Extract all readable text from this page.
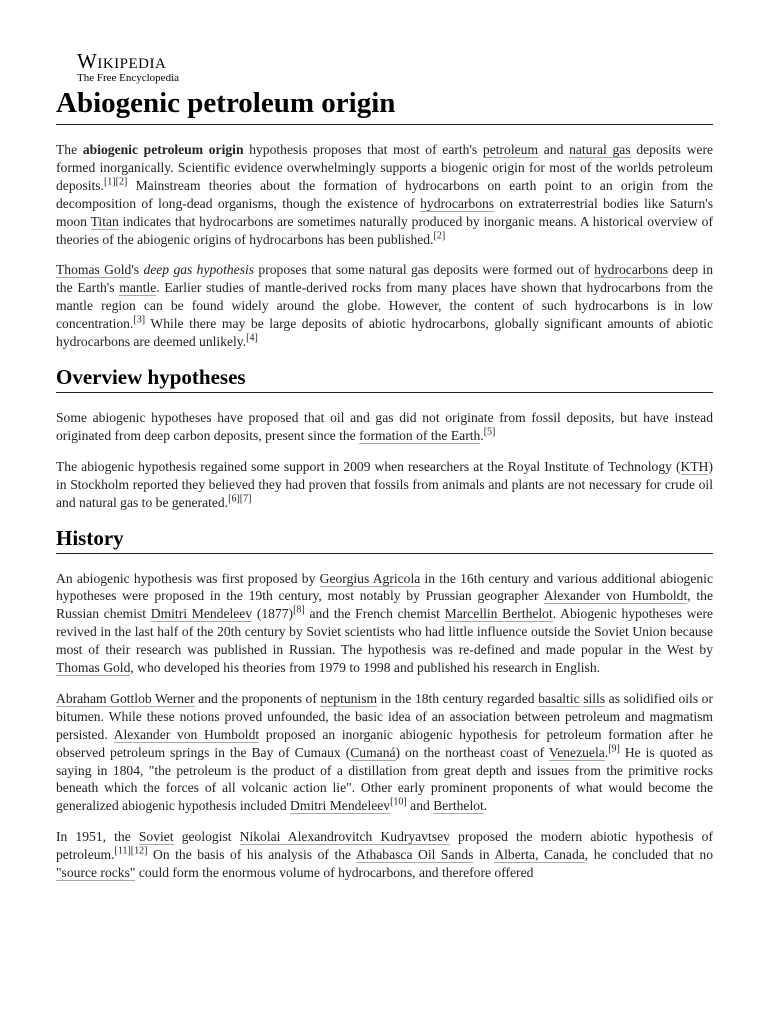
Wikipedia
The Free Encyclopedia
Abiogenic petroleum origin

The abiogenic petroleum origin hypothesis proposes that most of earth's petroleum and natural gas deposits were formed inorganically. Scientific evidence overwhelmingly supports a biogenic origin for most of the worlds petroleum deposits.[1][2] Mainstream theories about the formation of hydrocarbons on earth point to an origin from the decomposition of long-dead organisms, though the existence of hydrocarbons on extraterrestrial bodies like Saturn's moon Titan indicates that hydrocarbons are sometimes naturally produced by inorganic means. A historical overview of theories of the abiogenic origins of hydrocarbons has been published.[2]

Thomas Gold's deep gas hypothesis proposes that some natural gas deposits were formed out of hydrocarbons deep in the Earth's mantle. Earlier studies of mantle-derived rocks from many places have shown that hydrocarbons from the mantle region can be found widely around the globe. However, the content of such hydrocarbons is in low concentration.[3] While there may be large deposits of abiotic hydrocarbons, globally significant amounts of abiotic hydrocarbons are deemed unlikely.[4]

Overview hypotheses

Some abiogenic hypotheses have proposed that oil and gas did not originate from fossil deposits, but have instead originated from deep carbon deposits, present since the formation of the Earth.[5]

The abiogenic hypothesis regained some support in 2009 when researchers at the Royal Institute of Technology (KTH) in Stockholm reported they believed they had proven that fossils from animals and plants are not necessary for crude oil and natural gas to be generated.[6][7]

History

An abiogenic hypothesis was first proposed by Georgius Agricola in the 16th century and various additional abiogenic hypotheses were proposed in the 19th century, most notably by Prussian geographer Alexander von Humboldt, the Russian chemist Dmitri Mendeleev (1877)[8] and the French chemist Marcellin Berthelot. Abiogenic hypotheses were revived in the last half of the 20th century by Soviet scientists who had little influence outside the Soviet Union because most of their research was published in Russian. The hypothesis was re-defined and made popular in the West by Thomas Gold, who developed his theories from 1979 to 1998 and published his research in English.

Abraham Gottlob Werner and the proponents of neptunism in the 18th century regarded basaltic sills as solidified oils or bitumen. While these notions proved unfounded, the basic idea of an association between petroleum and magmatism persisted. Alexander von Humboldt proposed an inorganic abiogenic hypothesis for petroleum formation after he observed petroleum springs in the Bay of Cumaux (Cumaná) on the northeast coast of Venezuela.[9] He is quoted as saying in 1804, "the petroleum is the product of a distillation from great depth and issues from the primitive rocks beneath which the forces of all volcanic action lie". Other early prominent proponents of what would become the generalized abiogenic hypothesis included Dmitri Mendeleev[10] and Berthelot.

In 1951, the Soviet geologist Nikolai Alexandrovitch Kudryavtsev proposed the modern abiotic hypothesis of petroleum.[11][12] On the basis of his analysis of the Athabasca Oil Sands in Alberta, Canada, he concluded that no "source rocks" could form the enormous volume of hydrocarbons, and therefore offered
